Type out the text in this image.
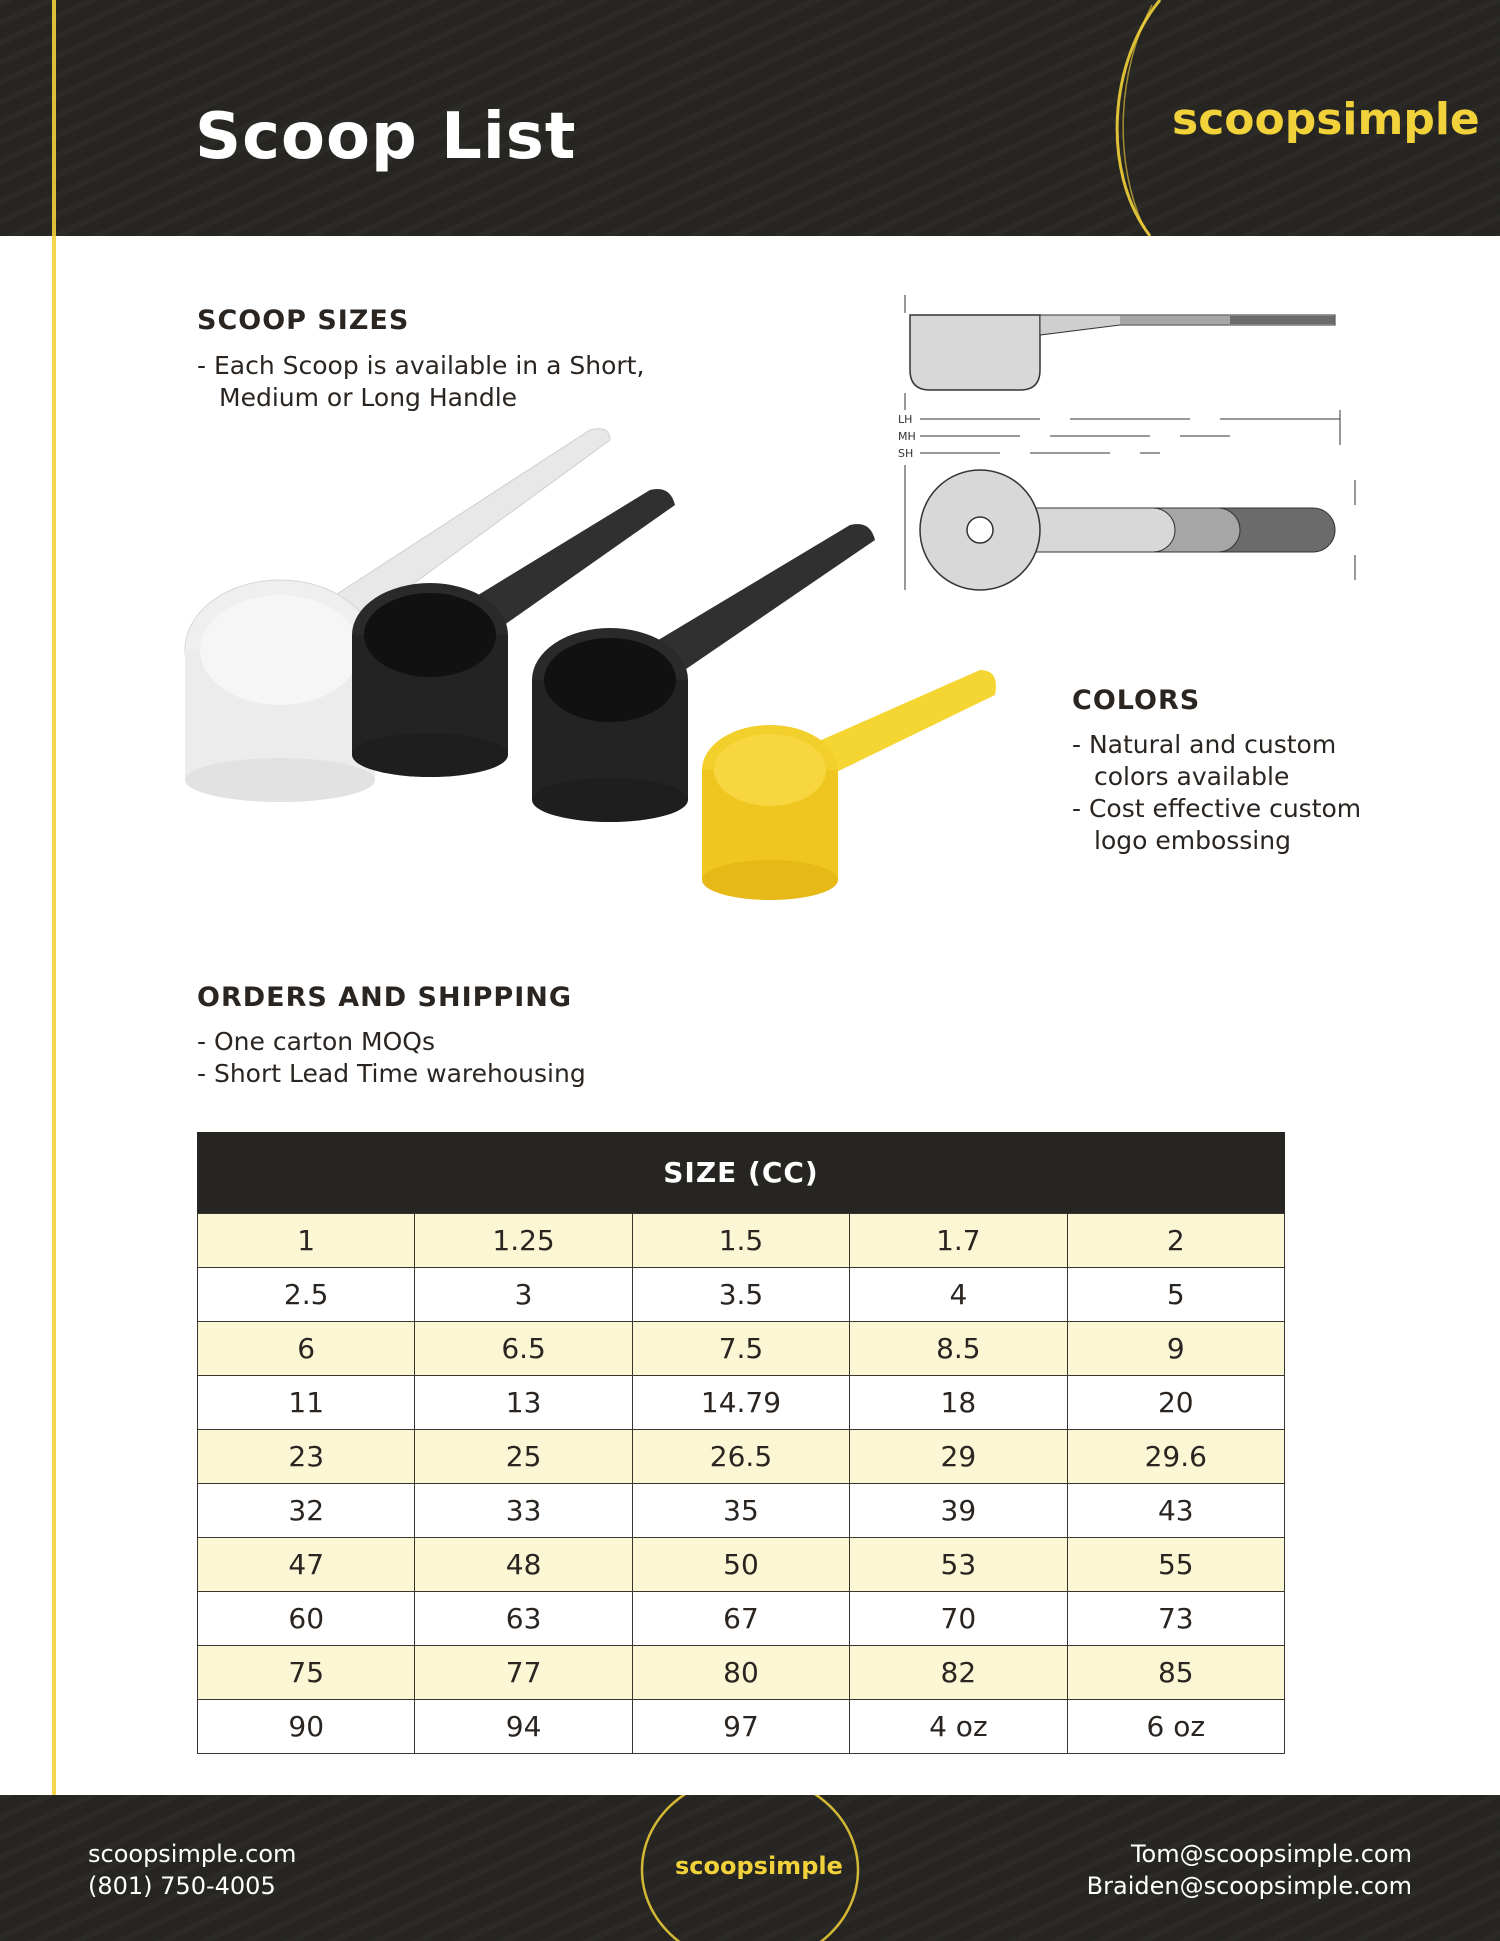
Scoop List	scoopsimple
SCOOP SIZES
- Each Scoop is available in a Short, Medium or Long Handle
LH
MH
SH
COLORS
- Natural and custom colors available
- Cost effective custom logo embossing
ORDERS AND SHIPPING
- One carton MOQs
- Short Lead Time warehousing
SIZE (CC)
1	1.25	1.5	1.7	2
2.5	3	3.5	4	5
6	6.5	7.5	8.5	9
11	13	14.79	18	20
23	25	26.5	29	29.6
32	33	35	39	43
47	48	50	53	55
60	63	67	70	73
75	77	80	82	85
90	94	97	4 oz	6 oz
scoopsimple.com
(801) 750-4005
scoopsimple	Tom@scoopsimple.com
Braiden@scoopsimple.com
